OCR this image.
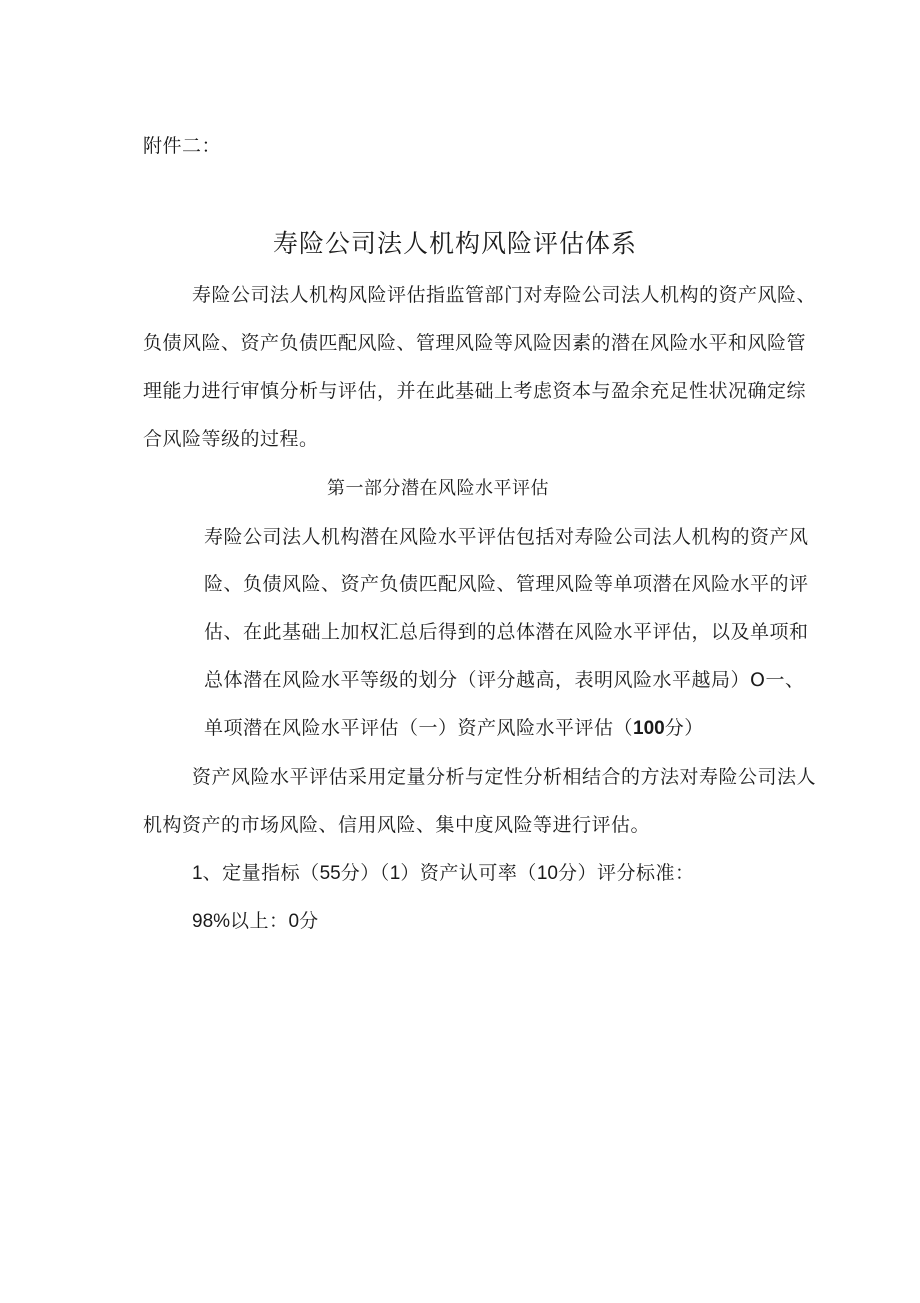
附件二：
寿险公司法人机构风险评估体系
寿险公司法人机构风险评估指监管部门对寿险公司法人机构的资产风险、
负债风险、资产负债匹配风险、管理风险等风险因素的潜在风险水平和风险管
理能力进行审慎分析与评估，并在此基础上考虑资本与盈余充足性状况确定综
合风险等级的过程。
第一部分潜在风险水平评估
寿险公司法人机构潜在风险水平评估包括对寿险公司法人机构的资产风
险、负债风险、资产负债匹配风险、管理风险等单项潜在风险水平的评
估、在此基础上加权汇总后得到的总体潜在风险水平评估，以及单项和
总体潜在风险水平等级的划分（评分越高，表明风险水平越局）O一、
单项潜在风险水平评估（一）资产风险水平评估（100分）
资产风险水平评估采用定量分析与定性分析相结合的方法对寿险公司法人
机构资产的市场风险、信用风险、集中度风险等进行评估。
1、定量指标（55分）（1）资产认可率（10分）评分标准：
98%以上：0分
